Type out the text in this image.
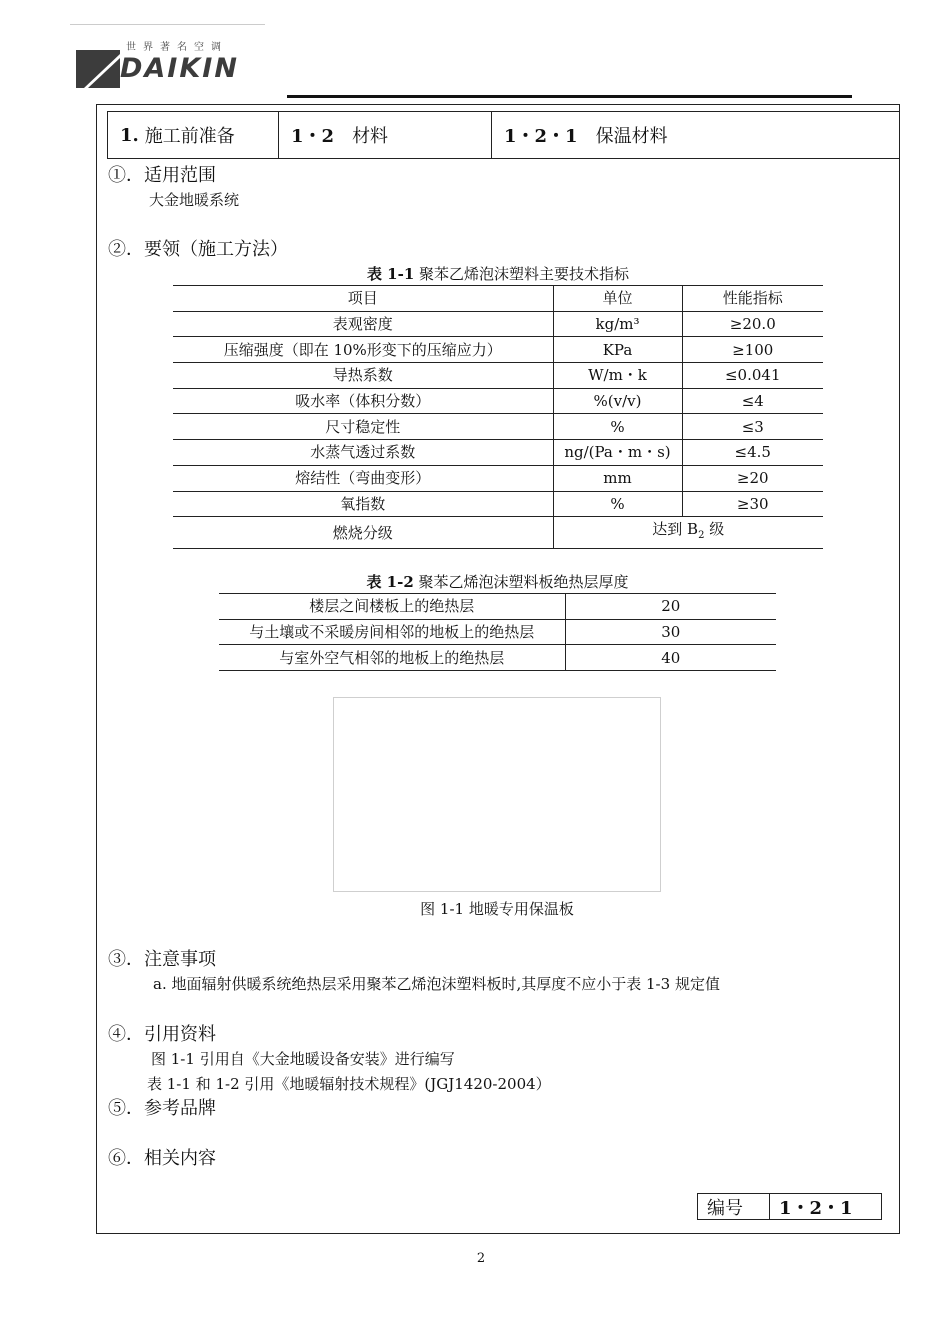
世界著名空调
DAIKIN
1. 施工前准备	1・2 材料	1・2・1 保温材料
①．适用范围
大金地暖系统
②．要领（施工方法）
表 1-1 聚苯乙烯泡沫塑料主要技术指标
项目	单位	性能指标
表观密度	kg/m³	≥20.0
压缩强度（即在 10%形变下的压缩应力）	KPa	≥100
导热系数	W/m・k	≤0.041
吸水率（体积分数）	%(v/v)	≤4
尺寸稳定性	%	≤3
水蒸气透过系数	ng/(Pa・m・s)	≤4.5
熔结性（弯曲变形）	mm	≥20
氧指数	%	≥30
燃烧分级	达到 $B_2$ 级	
表 1-2 聚苯乙烯泡沫塑料板绝热层厚度
楼层之间楼板上的绝热层	20
与土壤或不采暖房间相邻的地板上的绝热层	30
与室外空气相邻的地板上的绝热层	40
图 1-1 地暖专用保温板
③．注意事项
a. 地面辐射供暖系统绝热层采用聚苯乙烯泡沫塑料板时,其厚度不应小于表 1-3 规定值
④．引用资料
图 1-1 引用自《大金地暖设备安装》进行编写
表 1-1 和 1-2 引用《地暖辐射技术规程》(JGJ1420-2004）
⑤．参考品牌
⑥．相关内容
编号	1・2・1
2
